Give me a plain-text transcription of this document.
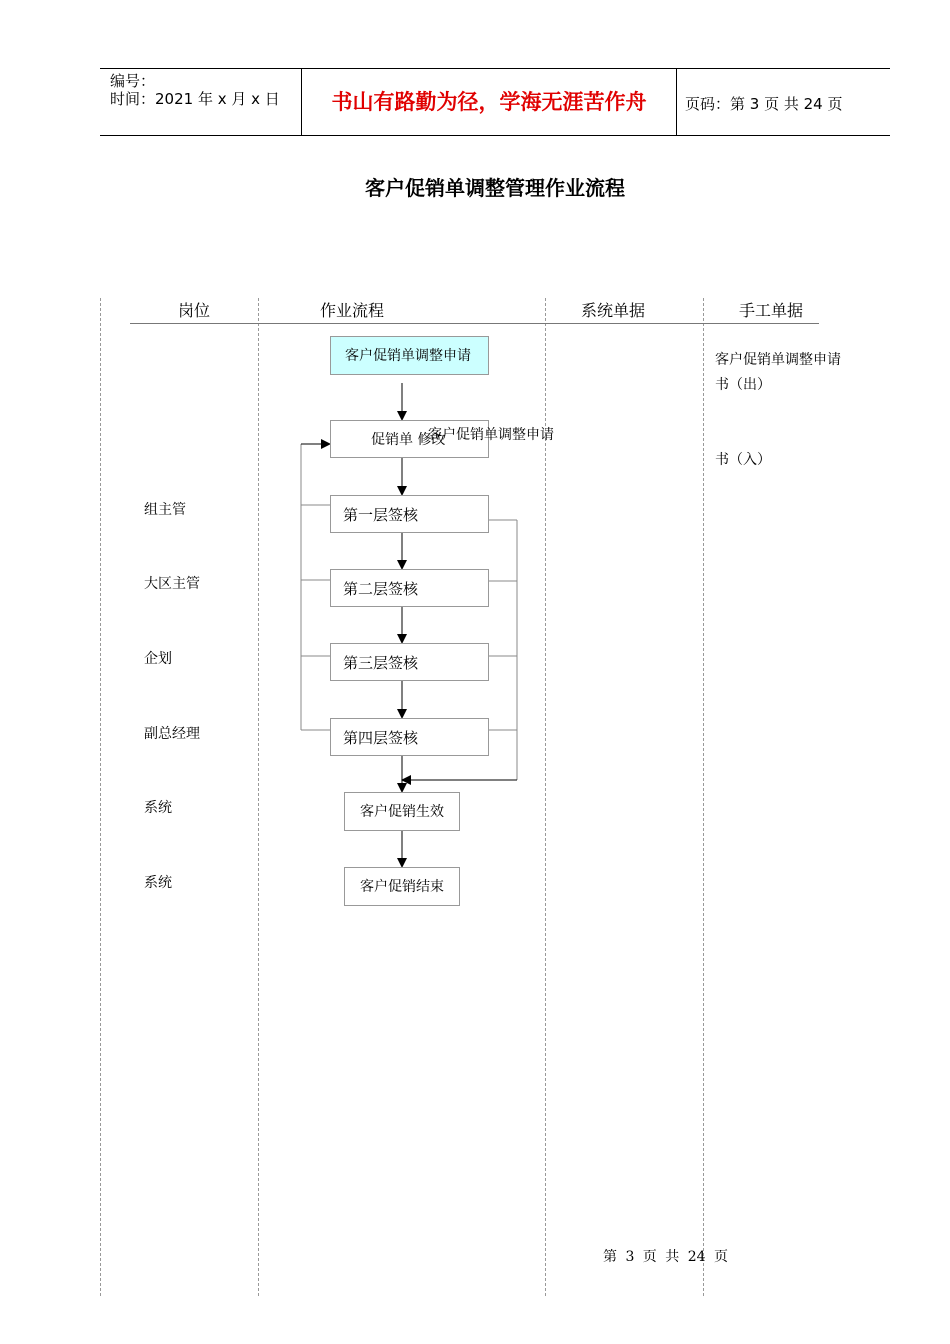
编号：
时间：2021 年 x 月 x 日	书山有路勤为径，学海无涯苦作舟	页码：第 3 页 共 24 页
客户促销单调整管理作业流程
岗位	作业流程	系统单据	手工单据
组主管
大区主管
企划
副总经理
系统
系统
客户促销单调整申请
促销单 修改
客户促销单调整申请
第一层签核
第二层签核
第三层签核
第四层签核
客户促销生效
客户促销结束
客户促销单调整申请
书（出）
书（入）
第 3 页 共 24 页
